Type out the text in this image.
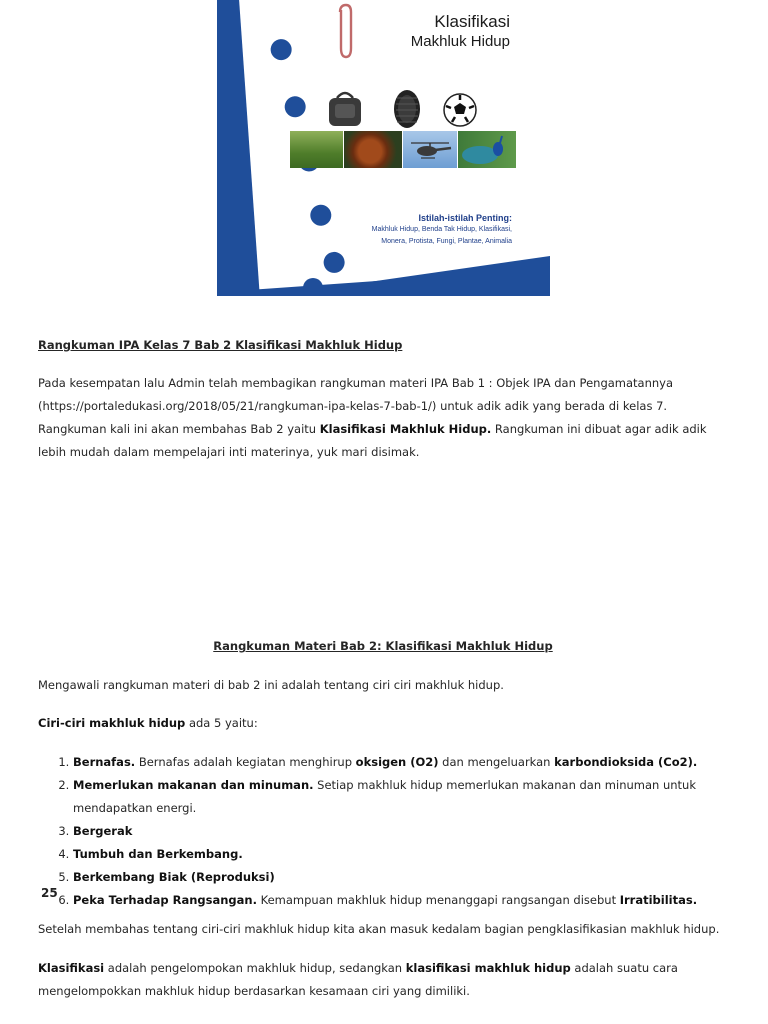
Klasifikasi
Makhluk Hidup
Istilah-istilah Penting:
Makhluk Hidup, Benda Tak Hidup, Klasifikasi,
Monera, Protista, Fungi, Plantae, Animalia
Rangkuman IPA Kelas 7 Bab 2 Klasifikasi Makhluk Hidup
Pada kesempatan lalu Admin telah membagikan rangkuman materi IPA Bab 1 : Objek IPA dan Pengamatannya (https://portaledukasi.org/2018/05/21/rangkuman-ipa-kelas-7-bab-1/) untuk adik adik yang berada di kelas 7. Rangkuman kali ini akan membahas Bab 2 yaitu Klasifikasi Makhluk Hidup. Rangkuman ini dibuat agar adik adik lebih mudah dalam mempelajari inti materinya, yuk mari disimak.
Rangkuman Materi Bab 2: Klasifikasi Makhluk Hidup
Mengawali rangkuman materi di bab 2 ini adalah tentang ciri ciri makhluk hidup.
Ciri-ciri makhluk hidup ada 5 yaitu:
1. Bernafas. Bernafas adalah kegiatan menghirup oksigen (O2) dan mengeluarkan karbondioksida (Co2).
2. Memerlukan makanan dan minuman. Setiap makhluk hidup memerlukan makanan dan minuman untuk mendapatkan energi.
3. Bergerak
4. Tumbuh dan Berkembang.
5. Berkembang Biak (Reproduksi)
6. Peka Terhadap Rangsangan. Kemampuan makhluk hidup menanggapi rangsangan disebut Irratibilitas.
25
Setelah membahas tentang ciri-ciri makhluk hidup kita akan masuk kedalam bagian pengklasifikasian makhluk hidup.
Klasifikasi adalah pengelompokan makhluk hidup, sedangkan klasifikasi makhluk hidup adalah suatu cara mengelompokkan makhluk hidup berdasarkan kesamaan ciri yang dimiliki.
